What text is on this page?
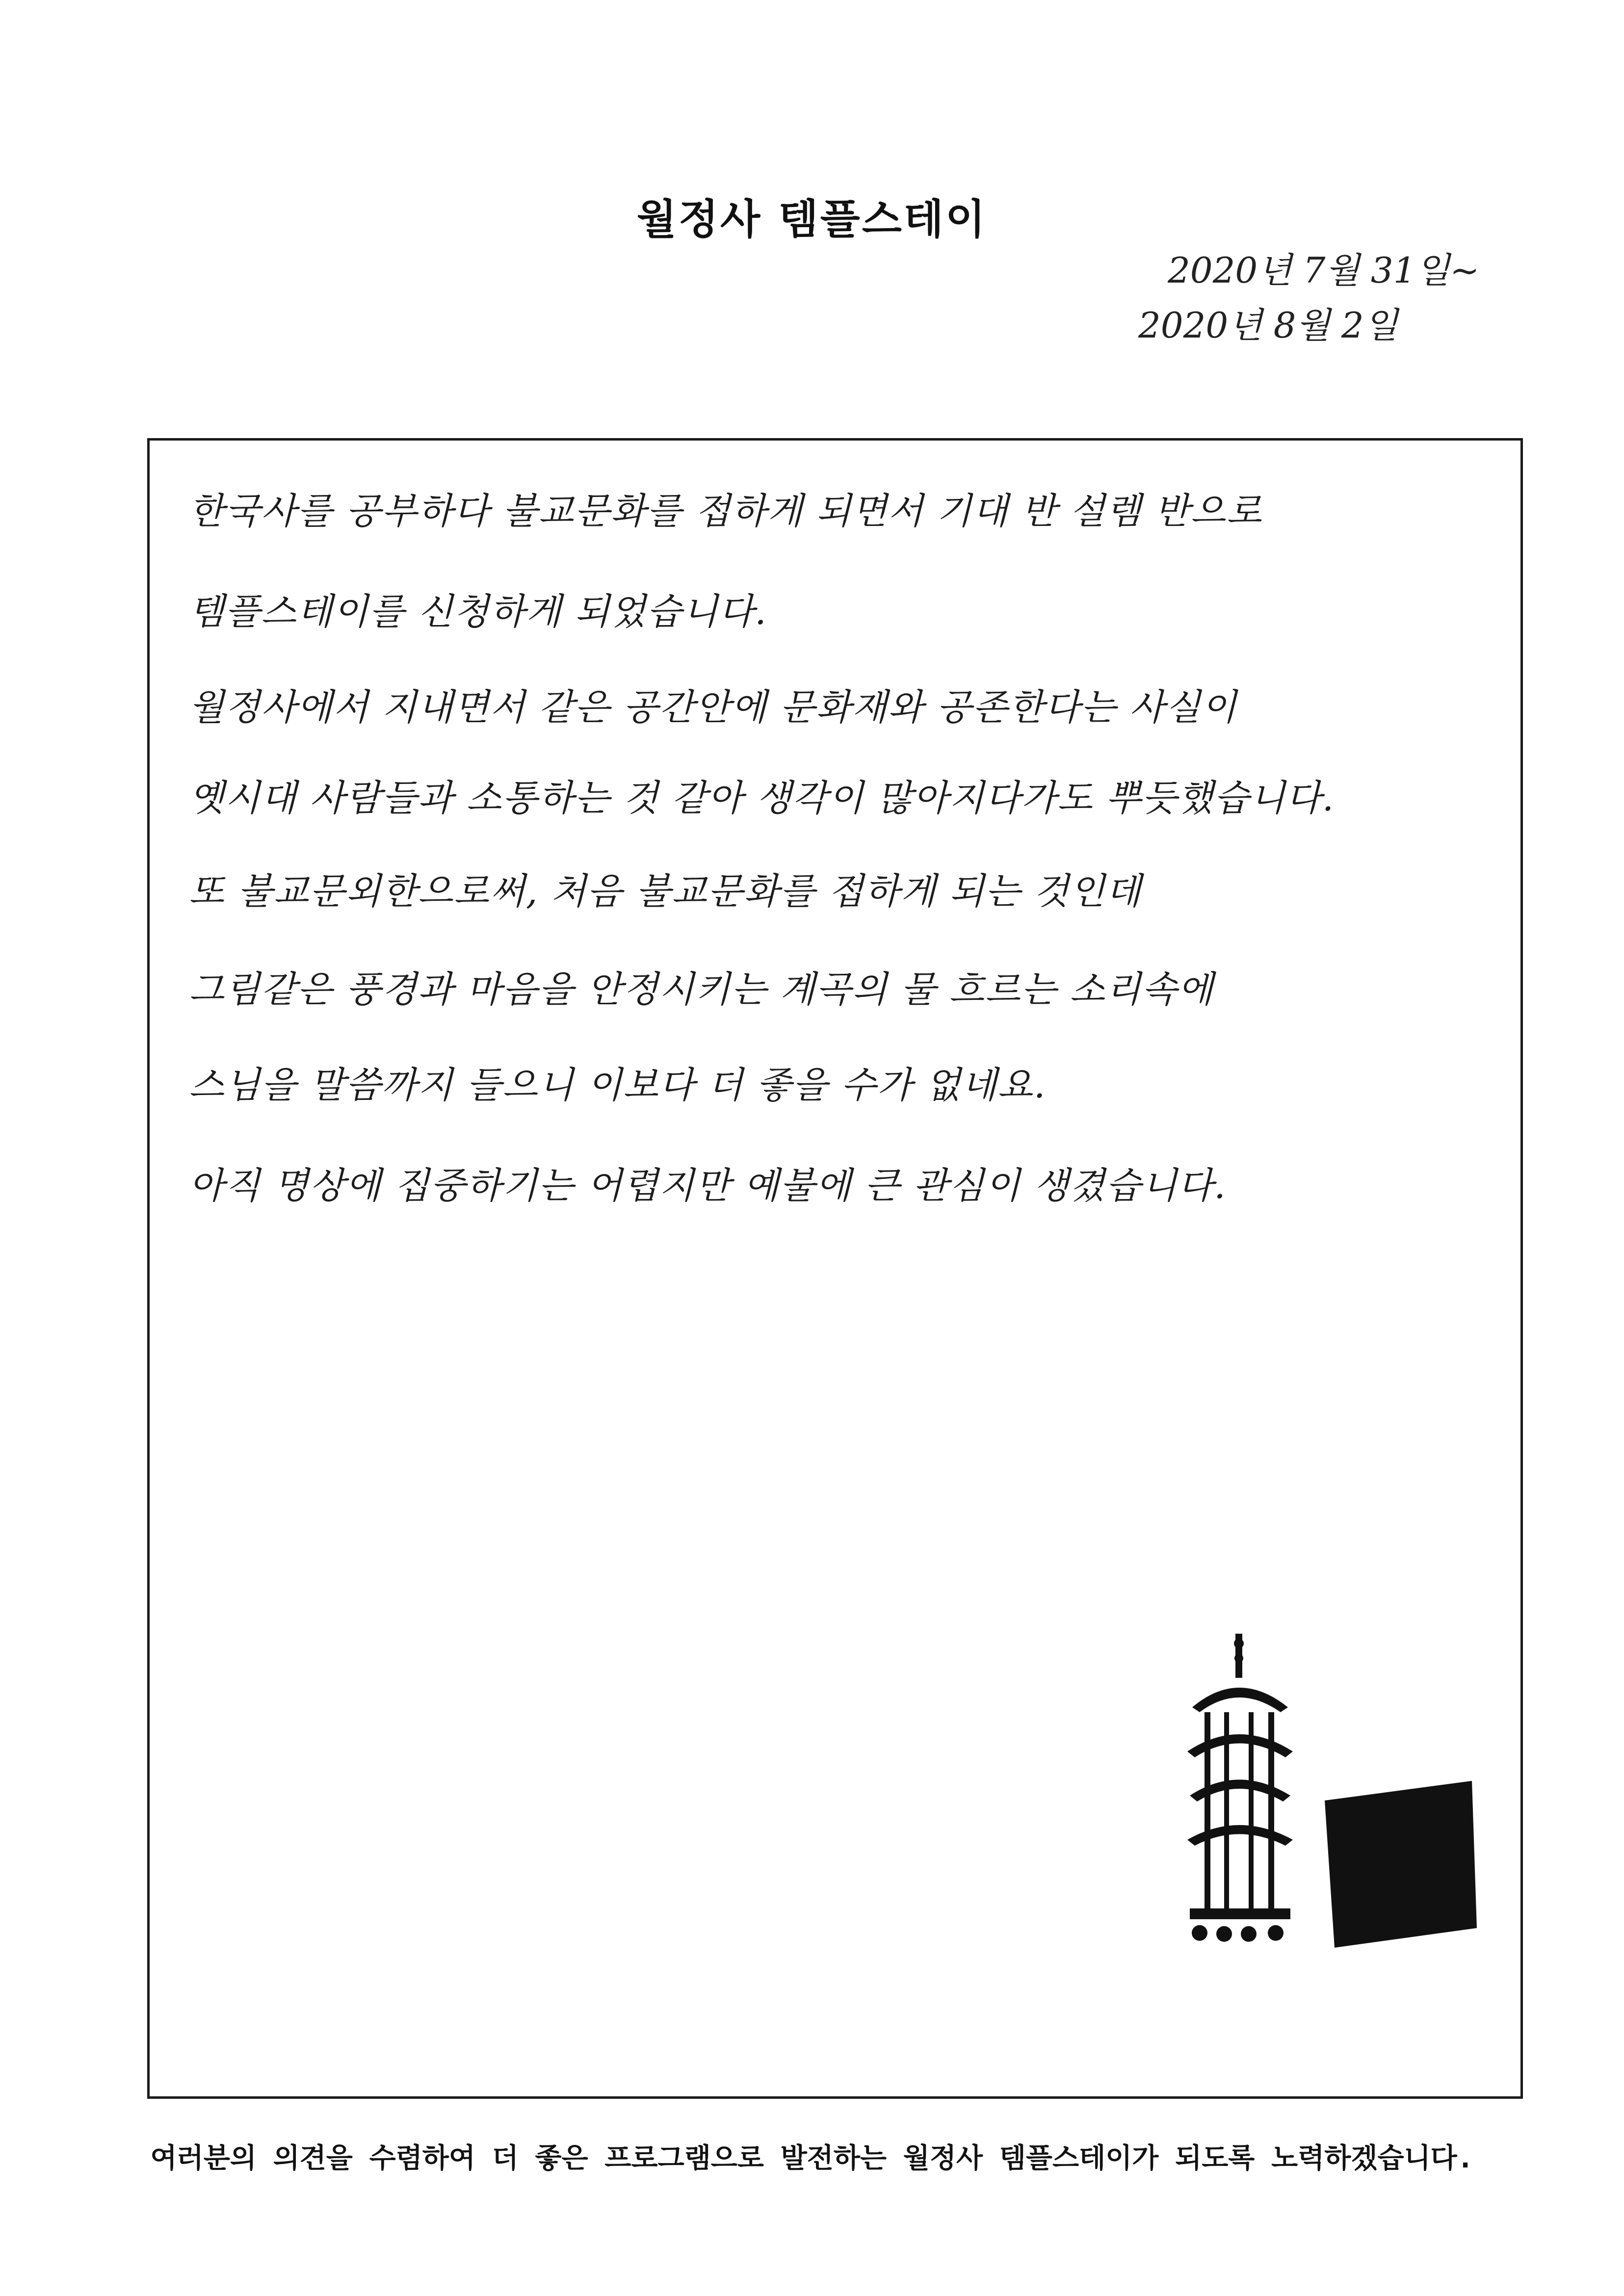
월정사 템플스테이
2020년 7월 31일~
2020년 8월 2일
한국사를 공부하다 불교문화를 접하게 되면서 기대 반 설렘 반으로
템플스테이를 신청하게 되었습니다.
월정사에서 지내면서 같은 공간안에 문화재와 공존한다는 사실이
옛시대 사람들과 소통하는 것 같아 생각이 많아지다가도 뿌듯했습니다.
또 불교문외한으로써, 처음 불교문화를 접하게 되는 것인데
그림같은 풍경과 마음을 안정시키는 계곡의 물 흐르는 소리속에
스님을 말씀까지 들으니 이보다 더 좋을 수가 없네요.
아직 명상에 집중하기는 어렵지만 예불에 큰 관심이 생겼습니다.
여러분의 의견을 수렴하여 더 좋은 프로그램으로 발전하는 월정사 템플스테이가 되도록 노력하겠습니다.
